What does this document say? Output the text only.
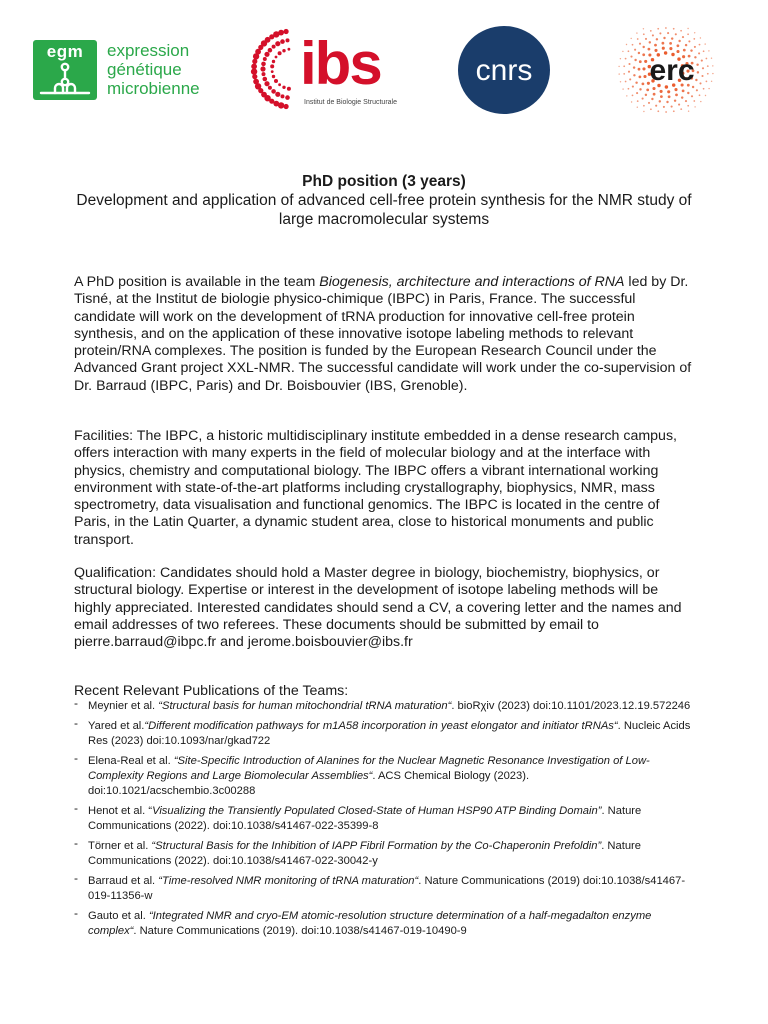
egm	expression
génétique
microbienne ibs
Institut de Biologie Structurale
cnrs	erc
PhD position (3 years)
Development and application of advanced cell-free protein synthesis for the NMR study of large macromolecular systems
A PhD position is available in the team Biogenesis, architecture and interactions of RNA led by Dr. Tisné, at the Institut de biologie physico-chimique (IBPC) in Paris, France. The successful candidate will work on the development of tRNA production for innovative cell-free protein synthesis, and on the application of these innovative isotope labeling methods to relevant protein/RNA complexes. The position is funded by the European Research Council under the Advanced Grant project XXL-NMR. The successful candidate will work under the co-supervision of Dr. Barraud (IBPC, Paris) and Dr. Boisbouvier (IBS, Grenoble).
Facilities: The IBPC, a historic multidisciplinary institute embedded in a dense research campus, offers interaction with many experts in the field of molecular biology and at the interface with physics, chemistry and computational biology. The IBPC offers a vibrant international working environment with state-of-the-art platforms including crystallography, biophysics, NMR, mass spectrometry, data visualisation and functional genomics. The IBPC is located in the centre of Paris, in the Latin Quarter, a dynamic student area, close to historical monuments and public transport.
Qualification: Candidates should hold a Master degree in biology, biochemistry, biophysics, or structural biology. Expertise or interest in the development of isotope labeling methods will be highly appreciated. Interested candidates should send a CV, a covering letter and the names and email addresses of two referees. These documents should be submitted by email to pierre.barraud@ibpc.fr and jerome.boisbouvier@ibs.fr
Recent Relevant Publications of the Teams:
- Meynier et al. “Structural basis for human mitochondrial tRNA maturation“. bioRχiv (2023) doi:10.1101/2023.12.19.572246
- Yared et al.“Different modification pathways for m1A58 incorporation in yeast elongator and initiator tRNAs“. Nucleic Acids Res (2023) doi:10.1093/nar/gkad722
- Elena-Real et al. “Site-Specific Introduction of Alanines for the Nuclear Magnetic Resonance Investigation of Low-Complexity Regions and Large Biomolecular Assemblies“. ACS Chemical Biology (2023). doi:10.1021/acschembio.3c00288
- Henot et al. “Visualizing the Transiently Populated Closed-State of Human HSP90 ATP Binding Domain”. Nature Communications (2022). doi:10.1038/s41467-022-35399-8
- Törner et al. “Structural Basis for the Inhibition of IAPP Fibril Formation by the Co-Chaperonin Prefoldin”. Nature Communications (2022). doi:10.1038/s41467-022-30042-y
- Barraud et al. “Time-resolved NMR monitoring of tRNA maturation“. Nature Communications (2019) doi:10.1038/s41467-019-11356-w
- Gauto et al. “Integrated NMR and cryo-EM atomic-resolution structure determination of a half-megadalton enzyme complex“. Nature Communications (2019). doi:10.1038/s41467-019-10490-9
